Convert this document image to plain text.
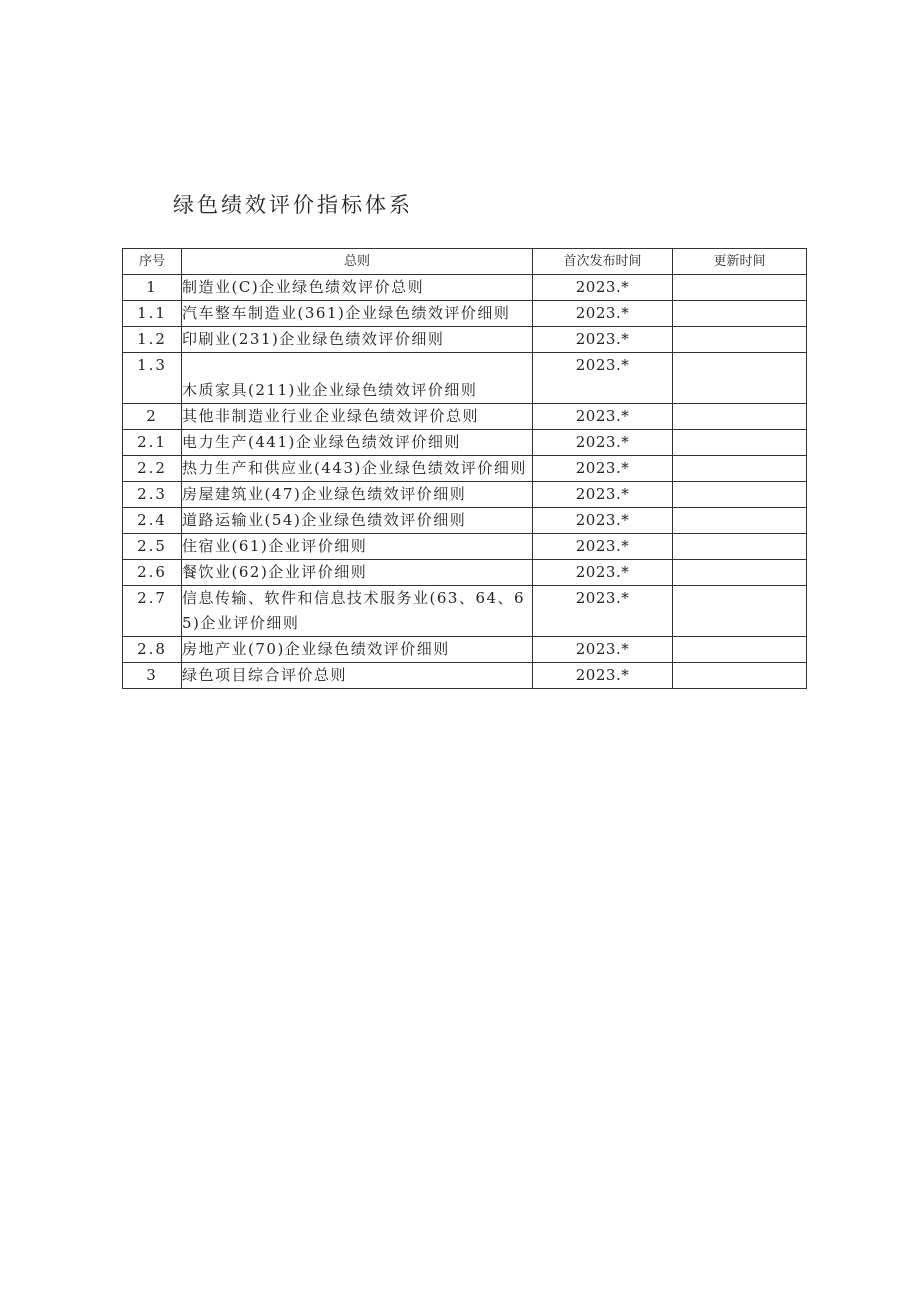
绿色绩效评价指标体系
序号	总则	首次发布时间	更新时间
1	制造业(C)企业绿色绩效评价总则	2023.*	
1.1	汽车整车制造业(361)企业绿色绩效评价细则	2023.*	
1.2	印刷业(231)企业绿色绩效评价细则	2023.*	
1.3	木质家具(211)业企业绿色绩效评价细则	2023.*	
2	其他非制造业行业企业绿色绩效评价总则	2023.*	
2.1	电力生产(441)企业绿色绩效评价细则	2023.*	
2.2	热力生产和供应业(443)企业绿色绩效评价细则	2023.*	
2.3	房屋建筑业(47)企业绿色绩效评价细则	2023.*	
2.4	道路运输业(54)企业绿色绩效评价细则	2023.*	
2.5	住宿业(61)企业评价细则	2023.*	
2.6	餐饮业(62)企业评价细则	2023.*	
2.7	信息传输、软件和信息技术服务业(63、64、65)企业评价细则	2023.*	
2.8	房地产业(70)企业绿色绩效评价细则	2023.*	
3	绿色项目综合评价总则	2023.*	
